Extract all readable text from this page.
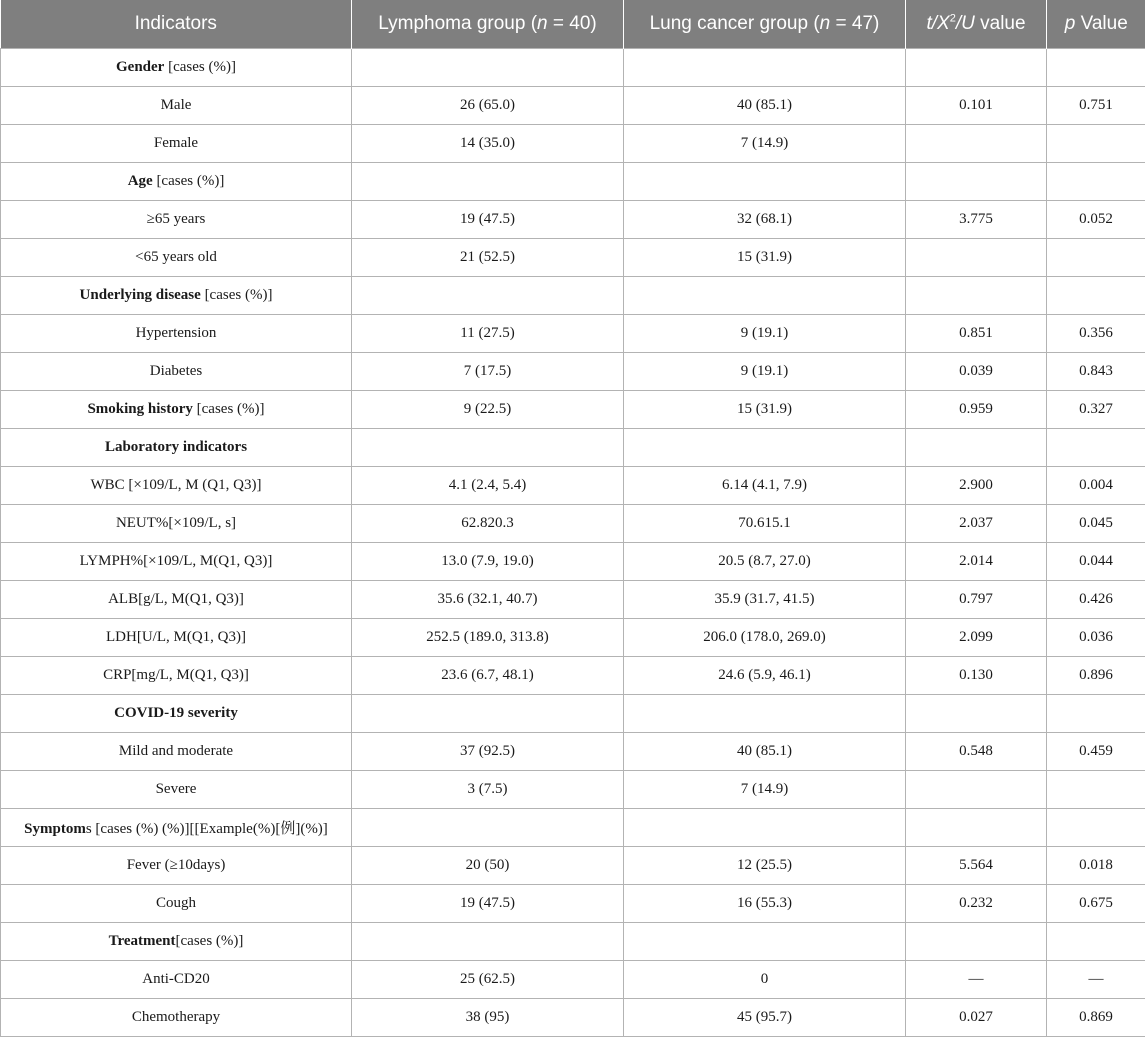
Indicators	Lymphoma group (n = 40)	Lung cancer group (n = 47)	$t/X^2/U$ value	p Value
Gender [cases (%)]				
Male	26 (65.0)	40 (85.1)	0.101	0.751
Female	14 (35.0)	7 (14.9)		
Age [cases (%)]				
≥65 years	19 (47.5)	32 (68.1)	3.775	0.052
<65 years old	21 (52.5)	15 (31.9)		
Underlying disease [cases (%)]				
Hypertension	11 (27.5)	9 (19.1)	0.851	0.356
Diabetes	7 (17.5)	9 (19.1)	0.039	0.843
Smoking history [cases (%)]	9 (22.5)	15 (31.9)	0.959	0.327
Laboratory indicators				
WBC [×109/L, M (Q1, Q3)]	4.1 (2.4, 5.4)	6.14 (4.1, 7.9)	2.900	0.004
NEUT%[×109/L, s]	62.820.3	70.615.1	2.037	0.045
LYMPH%[×109/L, M(Q1, Q3)]	13.0 (7.9, 19.0)	20.5 (8.7, 27.0)	2.014	0.044
ALB[g/L, M(Q1, Q3)]	35.6 (32.1, 40.7)	35.9 (31.7, 41.5)	0.797	0.426
LDH[U/L, M(Q1, Q3)]	252.5 (189.0, 313.8)	206.0 (178.0, 269.0)	2.099	0.036
CRP[mg/L, M(Q1, Q3)]	23.6 (6.7, 48.1)	24.6 (5.9, 46.1)	0.130	0.896
COVID-19 severity				
Mild and moderate	37 (92.5)	40 (85.1)	0.548	0.459
Severe	3 (7.5)	7 (14.9)		
Symptoms [cases (%) (%)][[Example(%)[例](%)]				
Fever (≥10days)	20 (50)	12 (25.5)	5.564	0.018
Cough	19 (47.5)	16 (55.3)	0.232	0.675
Treatment[cases (%)]				
Anti-CD20	25 (62.5)	0	—	—
Chemotherapy	38 (95)	45 (95.7)	0.027	0.869
